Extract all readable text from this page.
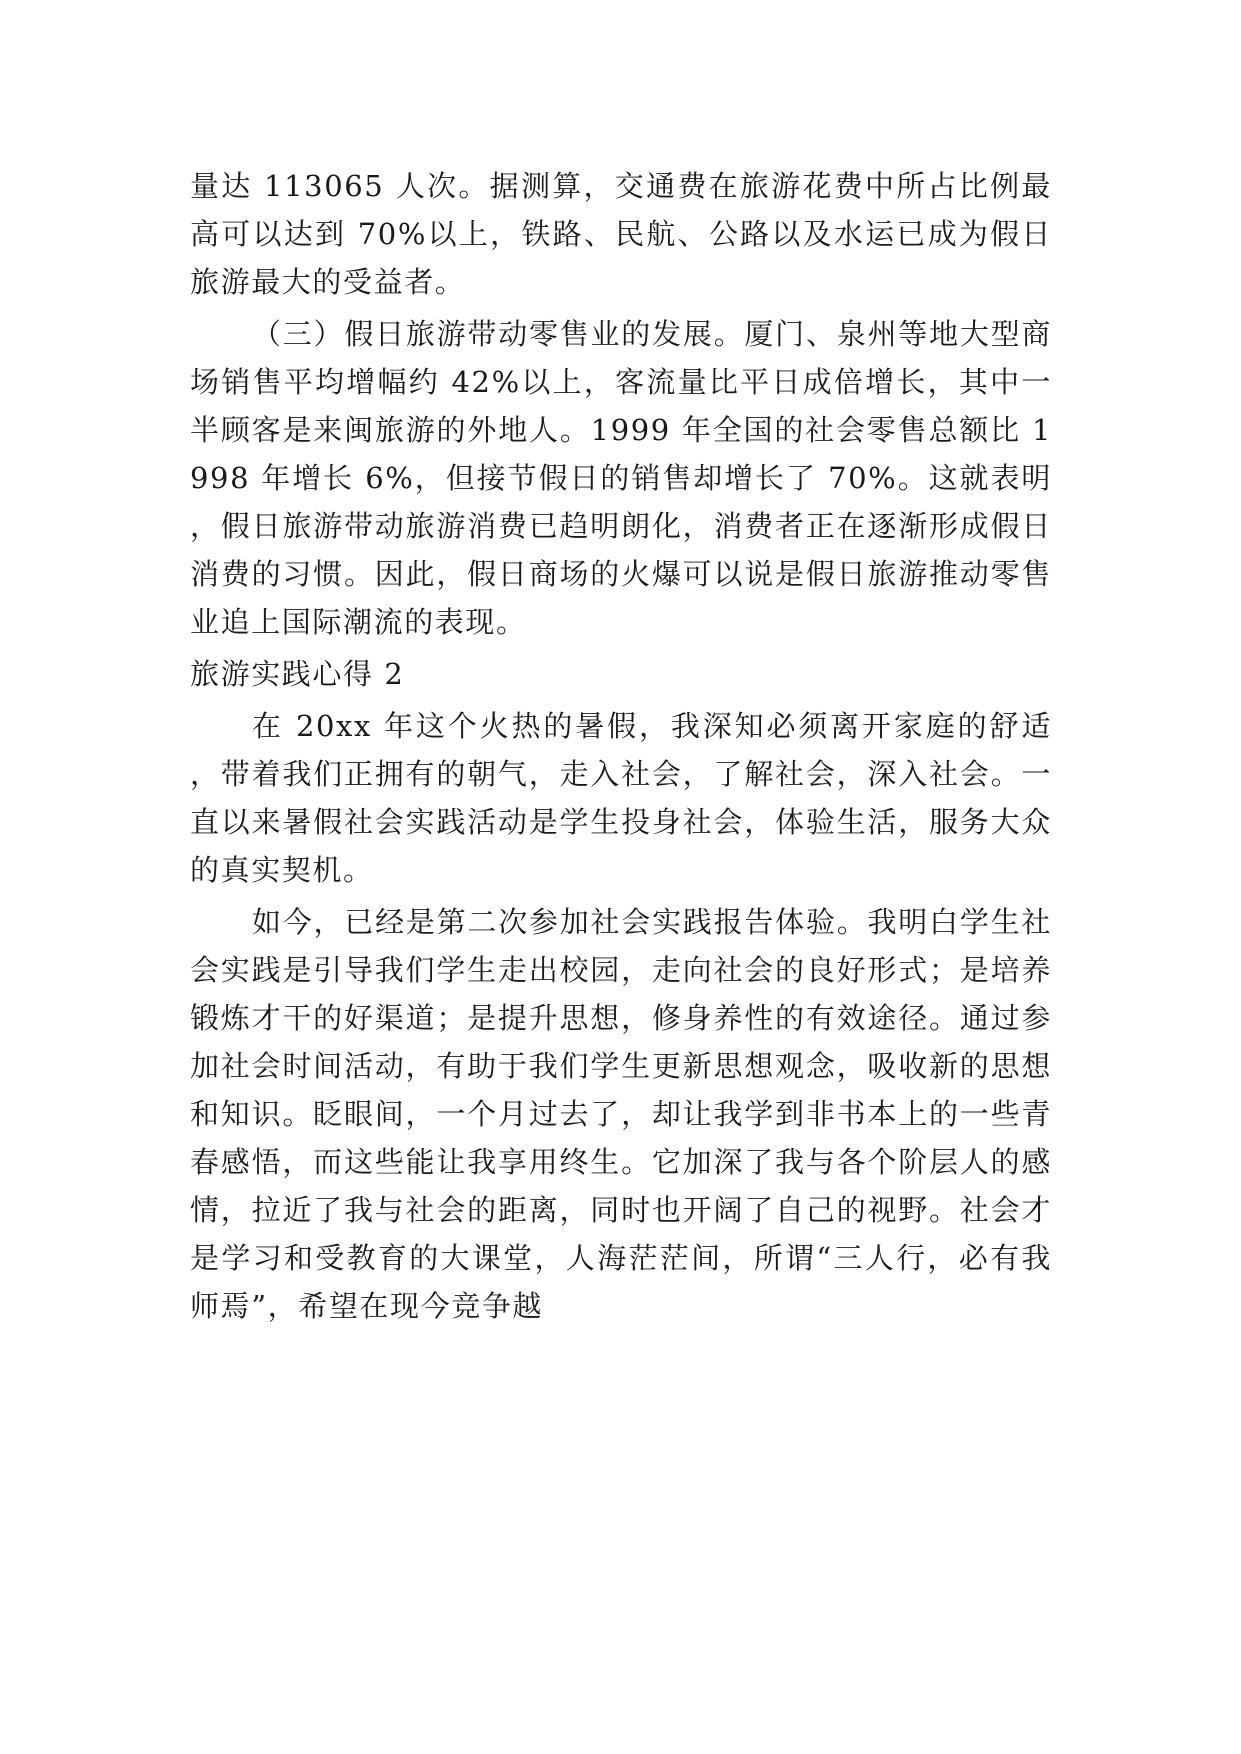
量达 113065 人次。据测算，交通费在旅游花费中所占比例最高可以达到 70%以上，铁路、民航、公路以及水运已成为假日旅游最大的受益者。

（三）假日旅游带动零售业的发展。厦门、泉州等地大型商场销售平均增幅约 42%以上，客流量比平日成倍增长，其中一半顾客是来闽旅游的外地人。1999 年全国的社会零售总额比 1998 年增长 6%，但接节假日的销售却增长了 70%。这就表明，假日旅游带动旅游消费已趋明朗化，消费者正在逐渐形成假日消费的习惯。因此，假日商场的火爆可以说是假日旅游推动零售业追上国际潮流的表现。

旅游实践心得 2

在 20xx 年这个火热的暑假，我深知必须离开家庭的舒适，带着我们正拥有的朝气，走入社会，了解社会，深入社会。一直以来暑假社会实践活动是学生投身社会，体验生活，服务大众的真实契机。

如今，已经是第二次参加社会实践报告体验。我明白学生社会实践是引导我们学生走出校园，走向社会的良好形式；是培养锻炼才干的好渠道；是提升思想，修身养性的有效途径。通过参加社会时间活动，有助于我们学生更新思想观念，吸收新的思想和知识。眨眼间，一个月过去了，却让我学到非书本上的一些青春感悟，而这些能让我享用终生。它加深了我与各个阶层人的感情，拉近了我与社会的距离，同时也开阔了自己的视野。社会才是学习和受教育的大课堂，人海茫茫间，所谓“三人行，必有我师焉”，希望在现今竞争越
